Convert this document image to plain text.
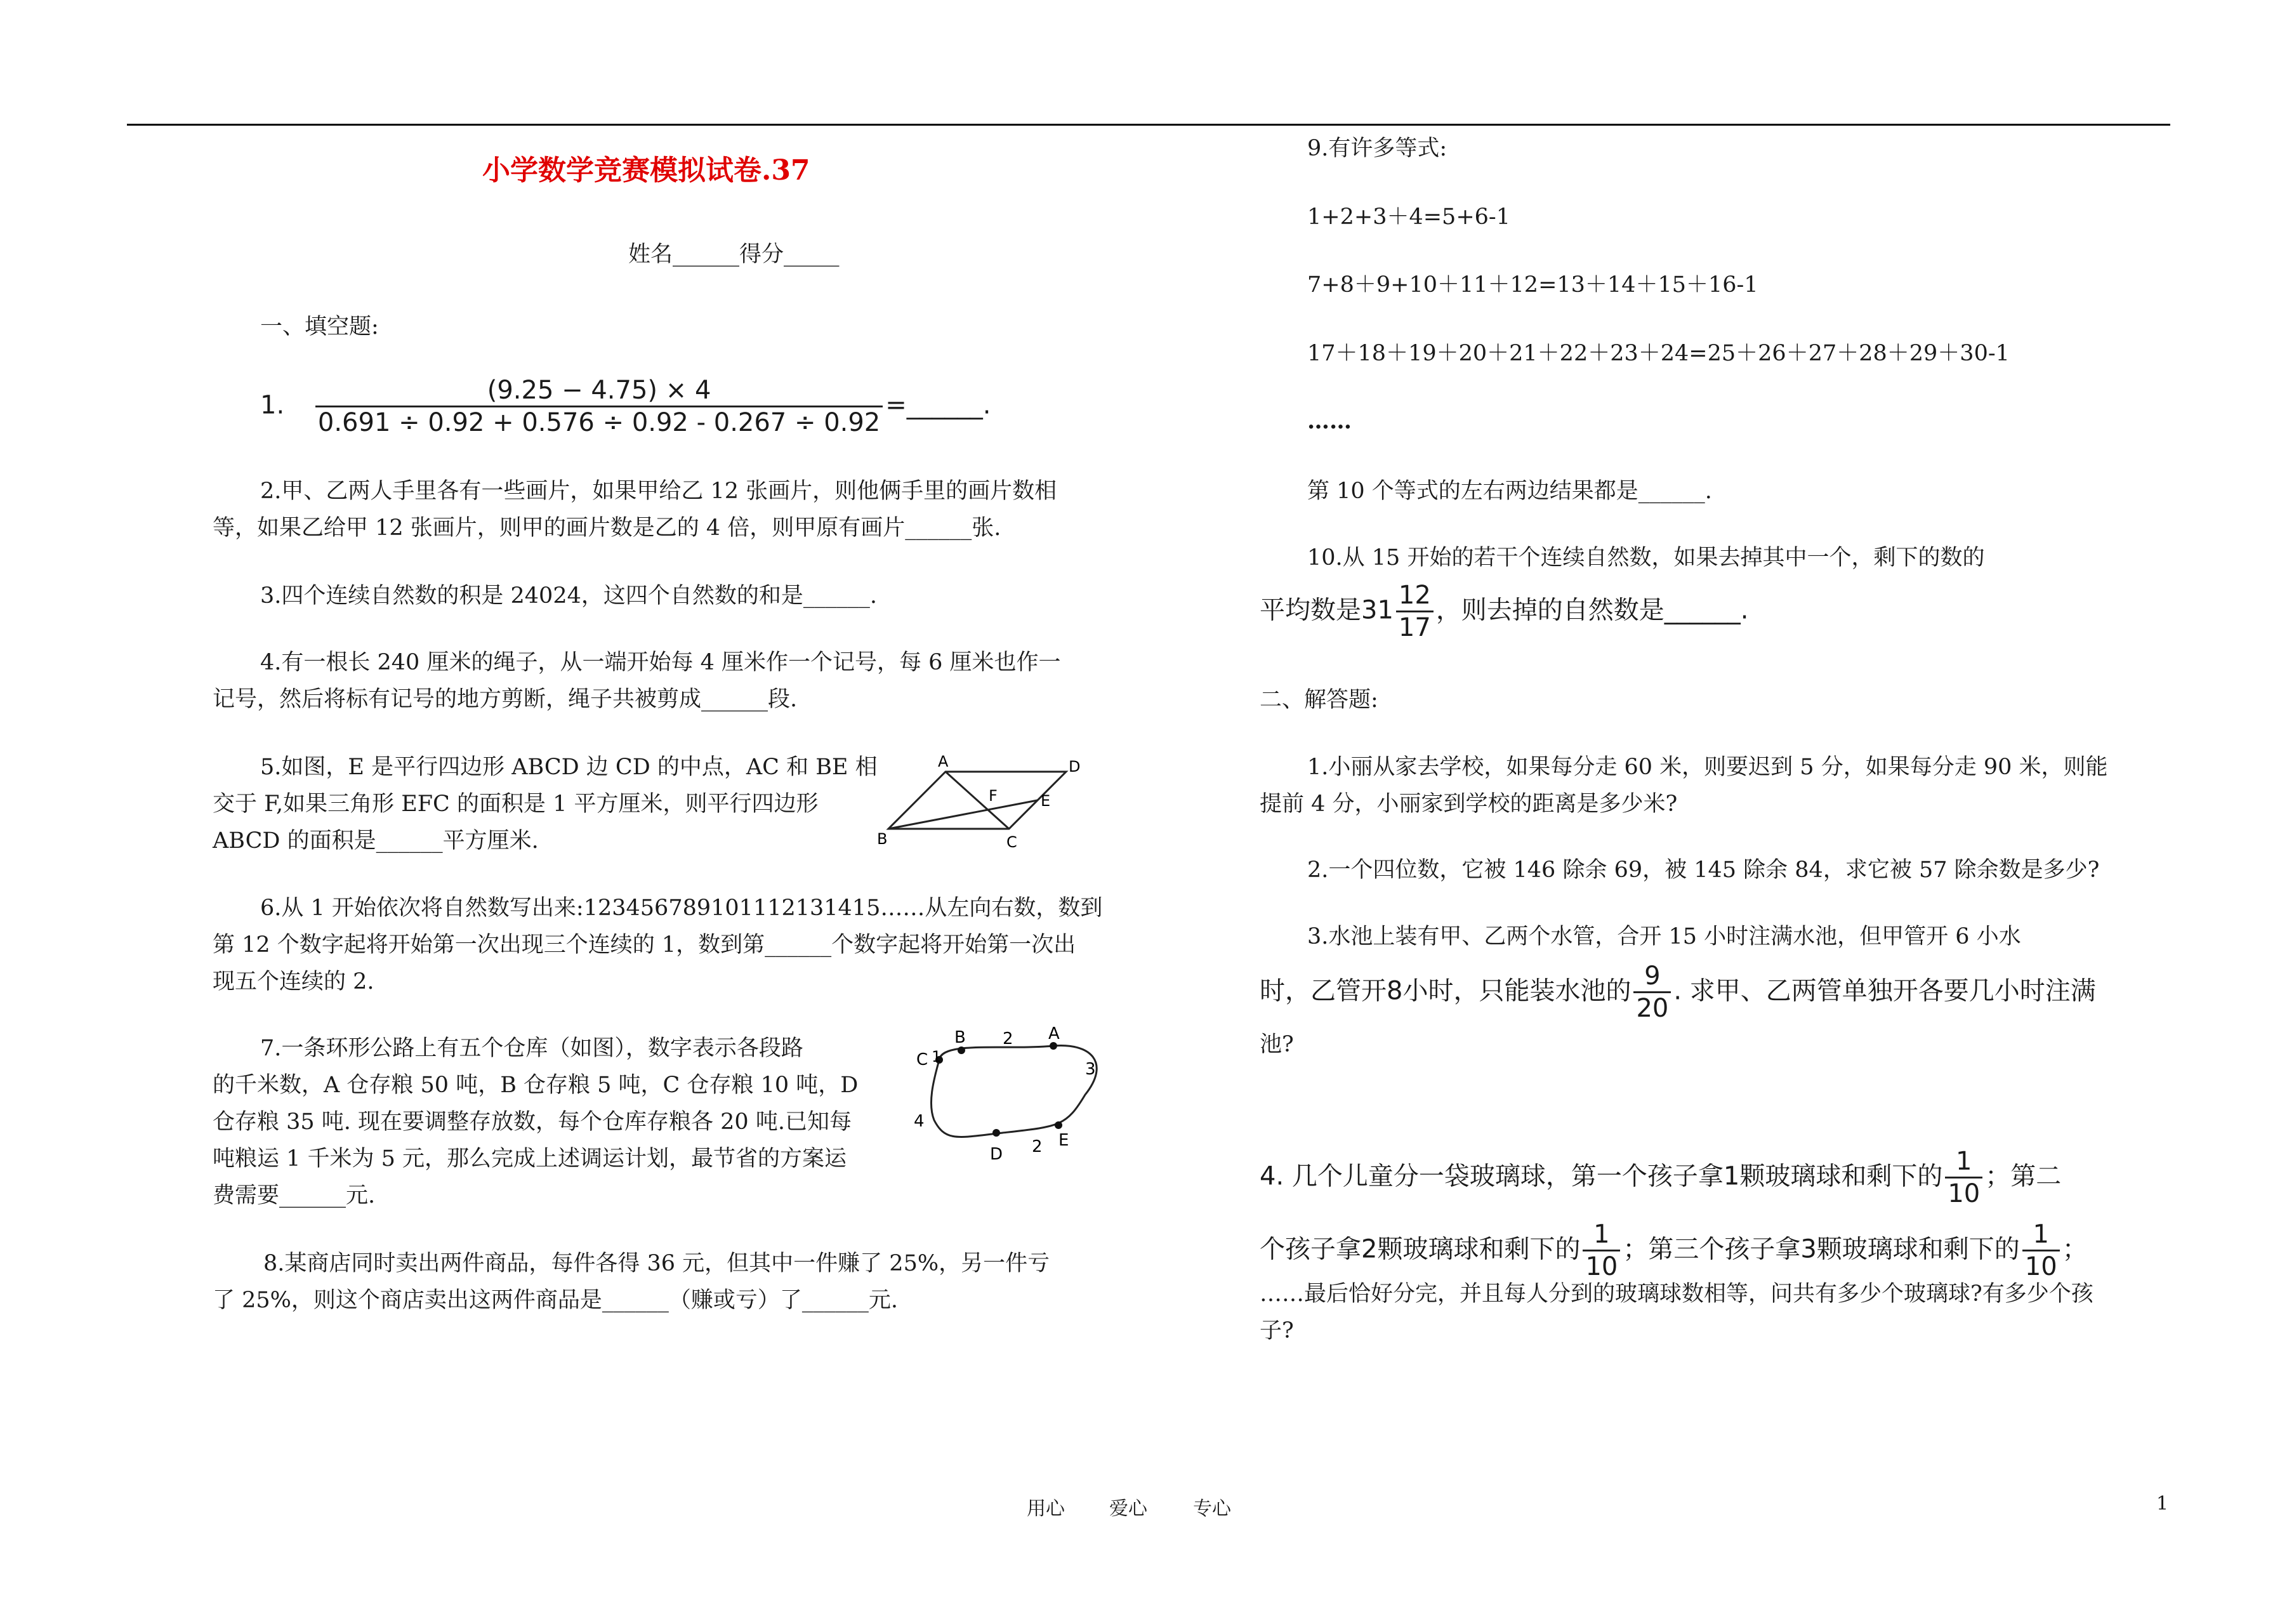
小学数学竞赛模拟试卷.37
姓名______得分_____
一、填空题:
1. $\frac{(9.25 - 4.75) \times 4}{0.691 \div 0.92 + 0.576 \div 0.92 - 0.267 \div 0.92}$ =______.
2.甲、乙两人手里各有一些画片，如果甲给乙 12 张画片，则他俩手里的画片数相
等，如果乙给甲 12 张画片，则甲的画片数是乙的 4 倍，则甲原有画片______张.
3.四个连续自然数的积是 24024，这四个自然数的和是______.
4.有一根长 240 厘米的绳子，从一端开始每 4 厘米作一个记号，每 6 厘米也作一
记号，然后将标有记号的地方剪断，绳子共被剪成______段.
5.如图，E 是平行四边形 ABCD 边 CD 的中点，AC 和 BE 相
交于 F,如果三角形 EFC 的面积是 1 平方厘米，则平行四边形
ABCD 的面积是______平方厘米.
A	D
E
F
B	C
6.从 1 开始依次将自然数写出来:123456789101112131415……从左向右数，数到
第 12 个数字起将开始第一次出现三个连续的 1，数到第______个数字起将开始第一次出
现五个连续的 2.
7.一条环形公路上有五个仓库（如图），数字表示各段路
的千米数，A 仓存粮 50 吨，B 仓存粮 5 吨，C 仓存粮 10 吨，D
仓存粮 35 吨. 现在要调整存放数，每个仓库存粮各 20 吨.已知每
吨粮运 1 千米为 5 元，那么完成上述调运计划，最节省的方案运
费需要______元.
C 1
B 2 A
3
E
2
D
4
8.某商店同时卖出两件商品，每件各得 36 元，但其中一件赚了 25%，另一件亏
了 25%，则这个商店卖出这两件商品是______（赚或亏）了______元.
9.有许多等式:
1+2+3＋4=5+6-1
7+8＋9+10＋11＋12=13＋14＋15＋16-1
17＋18＋19＋20＋21＋22＋23＋24=25＋26＋27＋28＋29＋30-1
……
第 10 个等式的左右两边结果都是______.
10.从 15 开始的若干个连续自然数，如果去掉其中一个，剩下的数的
平均数是$31 \frac{12}{17}$ ，则去掉的自然数是______.
二、解答题:
1.小丽从家去学校，如果每分走 60 米，则要迟到 5 分，如果每分走 90 米，则能
提前 4 分，小丽家到学校的距离是多少米?
2.一个四位数，它被 146 除余 69，被 145 除余 84，求它被 57 除余数是多少?
3.水池上装有甲、乙两个水管，合开 15 小时注满水池，但甲管开 6 小水
时，乙管开8小时，只能装水池的 $\frac{9}{20}$ . 求甲、乙两管单独开各要几小时注满
池?
4. 几个儿童分一袋玻璃球，第一个孩子拿1颗玻璃球和剩下的 $\frac{1}{10}$ ；第二
个孩子拿2颗玻璃球和剩下的 $\frac{1}{10}$ ；第三个孩子拿3颗玻璃球和剩下的 $\frac{1}{10}$ ；
……最后恰好分完，并且每人分到的玻璃球数相等，问共有多少个玻璃球?有多少个孩
子?
用心 爱心 专心	1
